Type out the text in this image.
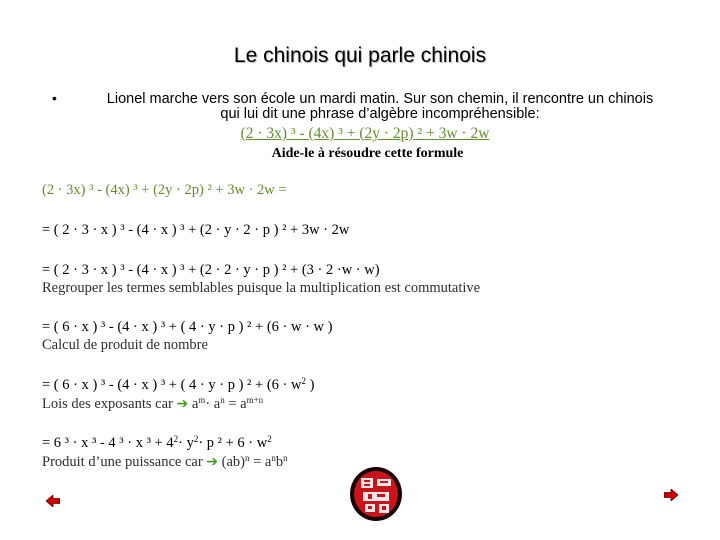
Le chinois qui parle chinois
•	Lionel marche vers son école un mardi matin. Sur son chemin, il rencontre un chinois
qui lui dit une phrase d’algèbre incompréhensible:
(2 · 3x) ³ - (4x) ³ + (2y · 2p) ² + 3w · 2w
Aide-le à résoudre cette formule
(2 · 3x) ³ - (4x) ³ + (2y · 2p) ² + 3w · 2w =
= ( 2 · 3 · x ) ³ - (4 · x ) ³ + (2 · y · 2 · p ) ² + 3w · 2w
= ( 2 · 3 · x ) ³ - (4 · x ) ³ + (2 · 2 · y · p ) ² + (3 · 2 ·w · w)
Regrouper les termes semblables puisque la multiplication est commutative
= ( 6 · x ) ³ - (4 · x ) ³ + ( 4 · y · p ) ² + (6 · w · w )
Calcul de produit de nombre
= ( 6 · x ) ³ - (4 · x ) ³ + ( 4 · y · p ) $^2 + (6 \cdot w^2$ )
Lois des exposants car ➔ $a^m\cdot a^n = a^{m+n}$
= 6 ³ · x ³ - 4 ³ · x $^3 + 4^2\cdot y^2\cdot p$ $^2 + 6 \cdot w^2$
Produit d’une puissance car ➔ $(ab)^n = a^nb^n$
